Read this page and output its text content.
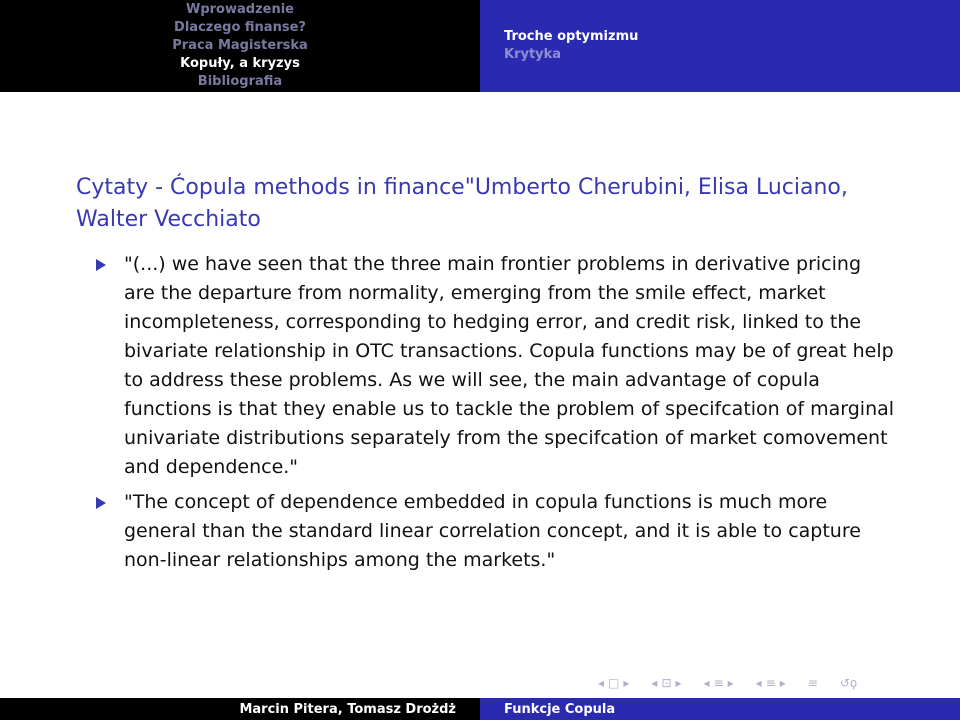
Wprowadzenie
Dlaczego finanse?
Praca Magisterska
Kopuły, a kryzys
Bibliografia
Troche optymizmu
Krytyka
Cytaty - Ćopula methods in finance"Umberto Cherubini, Elisa Luciano, Walter Vecchiato
"(...) we have seen that the three main frontier problems in derivative pricing are the departure from normality, emerging from the smile effect, market incompleteness, corresponding to hedging error, and credit risk, linked to the bivariate relationship in OTC transactions. Copula functions may be of great help to address these problems. As we will see, the main advantage of copula functions is that they enable us to tackle the problem of specifcation of marginal univariate distributions separately from the specifcation of market comovement and dependence."
"The concept of dependence embedded in copula functions is much more general than the standard linear correlation concept, and it is able to capture non-linear relationships among the markets."
◂ □ ▸ ◂ ⊡ ▸ ◂ ≡ ▸ ◂ ≡ ▸ ≡ ↺ϙ
Marcin Pitera, Tomasz Drożdż	Funkcje Copula
